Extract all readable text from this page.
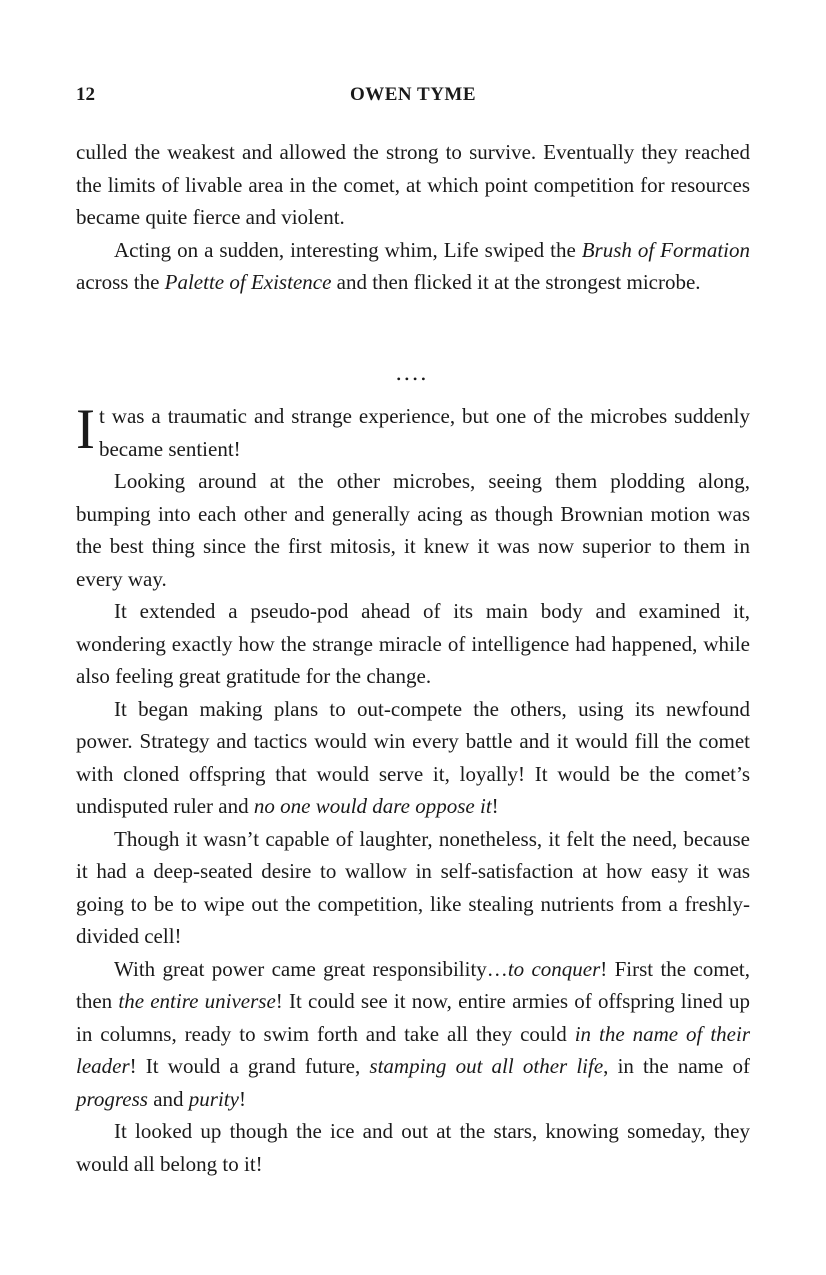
12	OWEN TYME

culled the weakest and allowed the strong to survive. Eventually they reached the limits of livable area in the comet, at which point competition for resources became quite fierce and violent.

Acting on a sudden, interesting whim, Life swiped the Brush of Formation across the Palette of Existence and then flicked it at the strongest microbe.

••••

It was a traumatic and strange experience, but one of the microbes suddenly became sentient!

Looking around at the other microbes, seeing them plodding along, bumping into each other and generally acing as though Brownian motion was the best thing since the first mitosis, it knew it was now superior to them in every way.

It extended a pseudo-pod ahead of its main body and examined it, wondering exactly how the strange miracle of intelligence had happened, while also feeling great gratitude for the change.

It began making plans to out-compete the others, using its newfound power. Strategy and tactics would win every battle and it would fill the comet with cloned offspring that would serve it, loyally! It would be the comet’s undisputed ruler and no one would dare oppose it!

Though it wasn’t capable of laughter, nonetheless, it felt the need, because it had a deep-seated desire to wallow in self-satisfaction at how easy it was going to be to wipe out the competition, like stealing nutrients from a freshly-divided cell!

With great power came great responsibility…to conquer! First the comet, then the entire universe! It could see it now, entire armies of offspring lined up in columns, ready to swim forth and take all they could in the name of their leader! It would a grand future, stamping out all other life, in the name of progress and purity!

It looked up though the ice and out at the stars, knowing someday, they would all belong to it!
